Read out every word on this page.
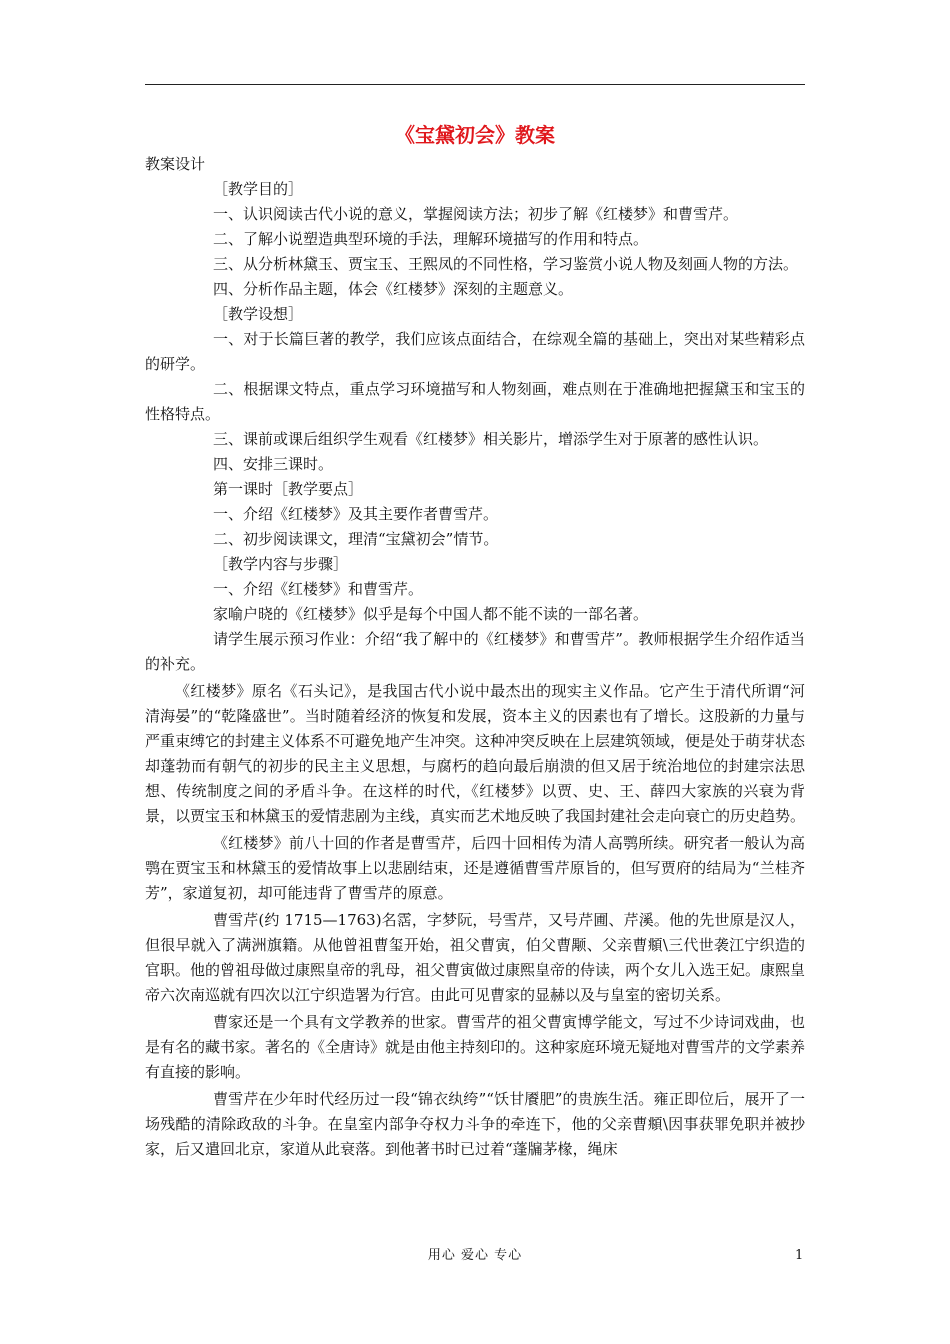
《宝黛初会》教案
教案设计
［教学目的］
一、认识阅读古代小说的意义，掌握阅读方法；初步了解《红楼梦》和曹雪芹。
二、了解小说塑造典型环境的手法，理解环境描写的作用和特点。
三、从分析林黛玉、贾宝玉、王熙凤的不同性格，学习鉴赏小说人物及刻画人物的方法。
四、分析作品主题，体会《红楼梦》深刻的主题意义。
［教学设想］
一、对于长篇巨著的教学，我们应该点面结合，在综观全篇的基础上，突出对某些精彩点的研学。
二、根据课文特点，重点学习环境描写和人物刻画，难点则在于准确地把握黛玉和宝玉的性格特点。
三、课前或课后组织学生观看《红楼梦》相关影片，增添学生对于原著的感性认识。
四、安排三课时。
第一课时［教学要点］
一、介绍《红楼梦》及其主要作者曹雪芹。
二、初步阅读课文，理清“宝黛初会”情节。
［教学内容与步骤］
一、介绍《红楼梦》和曹雪芹。
家喻户晓的《红楼梦》似乎是每个中国人都不能不读的一部名著。
请学生展示预习作业：介绍“我了解中的《红楼梦》和曹雪芹”。教师根据学生介绍作适当的补充。
《红楼梦》原名《石头记》，是我国古代小说中最杰出的现实主义作品。它产生于清代所谓“河清海晏”的“乾隆盛世”。当时随着经济的恢复和发展，资本主义的因素也有了增长。这股新的力量与严重束缚它的封建主义体系不可避免地产生冲突。这种冲突反映在上层建筑领域，便是处于萌芽状态却蓬勃而有朝气的初步的民主主义思想，与腐朽的趋向最后崩溃的但又居于统治地位的封建宗法思想、传统制度之间的矛盾斗争。在这样的时代，《红楼梦》以贾、史、王、薛四大家族的兴衰为背景，以贾宝玉和林黛玉的爱情悲剧为主线，真实而艺术地反映了我国封建社会走向衰亡的历史趋势。
《红楼梦》前八十回的作者是曹雪芹，后四十回相传为清人高鹗所续。研究者一般认为高鹗在贾宝玉和林黛玉的爱情故事上以悲剧结束，还是遵循曹雪芹原旨的，但写贾府的结局为“兰桂齐芳”，家道复初，却可能违背了曹雪芹的原意。
曹雪芹(约 1715—1763)名霑，字梦阮，号雪芹，又号芹圃、芹溪。他的先世原是汉人，但很早就入了满洲旗籍。从他曾祖曹玺开始，祖父曹寅，伯父曹颙、父亲曹頫\三代世袭江宁织造的官职。他的曾祖母做过康熙皇帝的乳母，祖父曹寅做过康熙皇帝的侍读，两个女儿入选王妃。康熙皇帝六次南巡就有四次以江宁织造署为行宫。由此可见曹家的显赫以及与皇室的密切关系。
曹家还是一个具有文学教养的世家。曹雪芹的祖父曹寅博学能文，写过不少诗词戏曲，也是有名的藏书家。著名的《全唐诗》就是由他主持刻印的。这种家庭环境无疑地对曹雪芹的文学素养有直接的影响。
曹雪芹在少年时代经历过一段“锦衣纨绔”“饫甘餍肥”的贵族生活。雍正即位后，展开了一场残酷的清除政敌的斗争。在皇室内部争夺权力斗争的牵连下，他的父亲曹頫\因事获罪免职并被抄家，后又遣回北京，家道从此衰落。到他著书时已过着“蓬牖茅椽，绳床
用心 爱心 专心	1
